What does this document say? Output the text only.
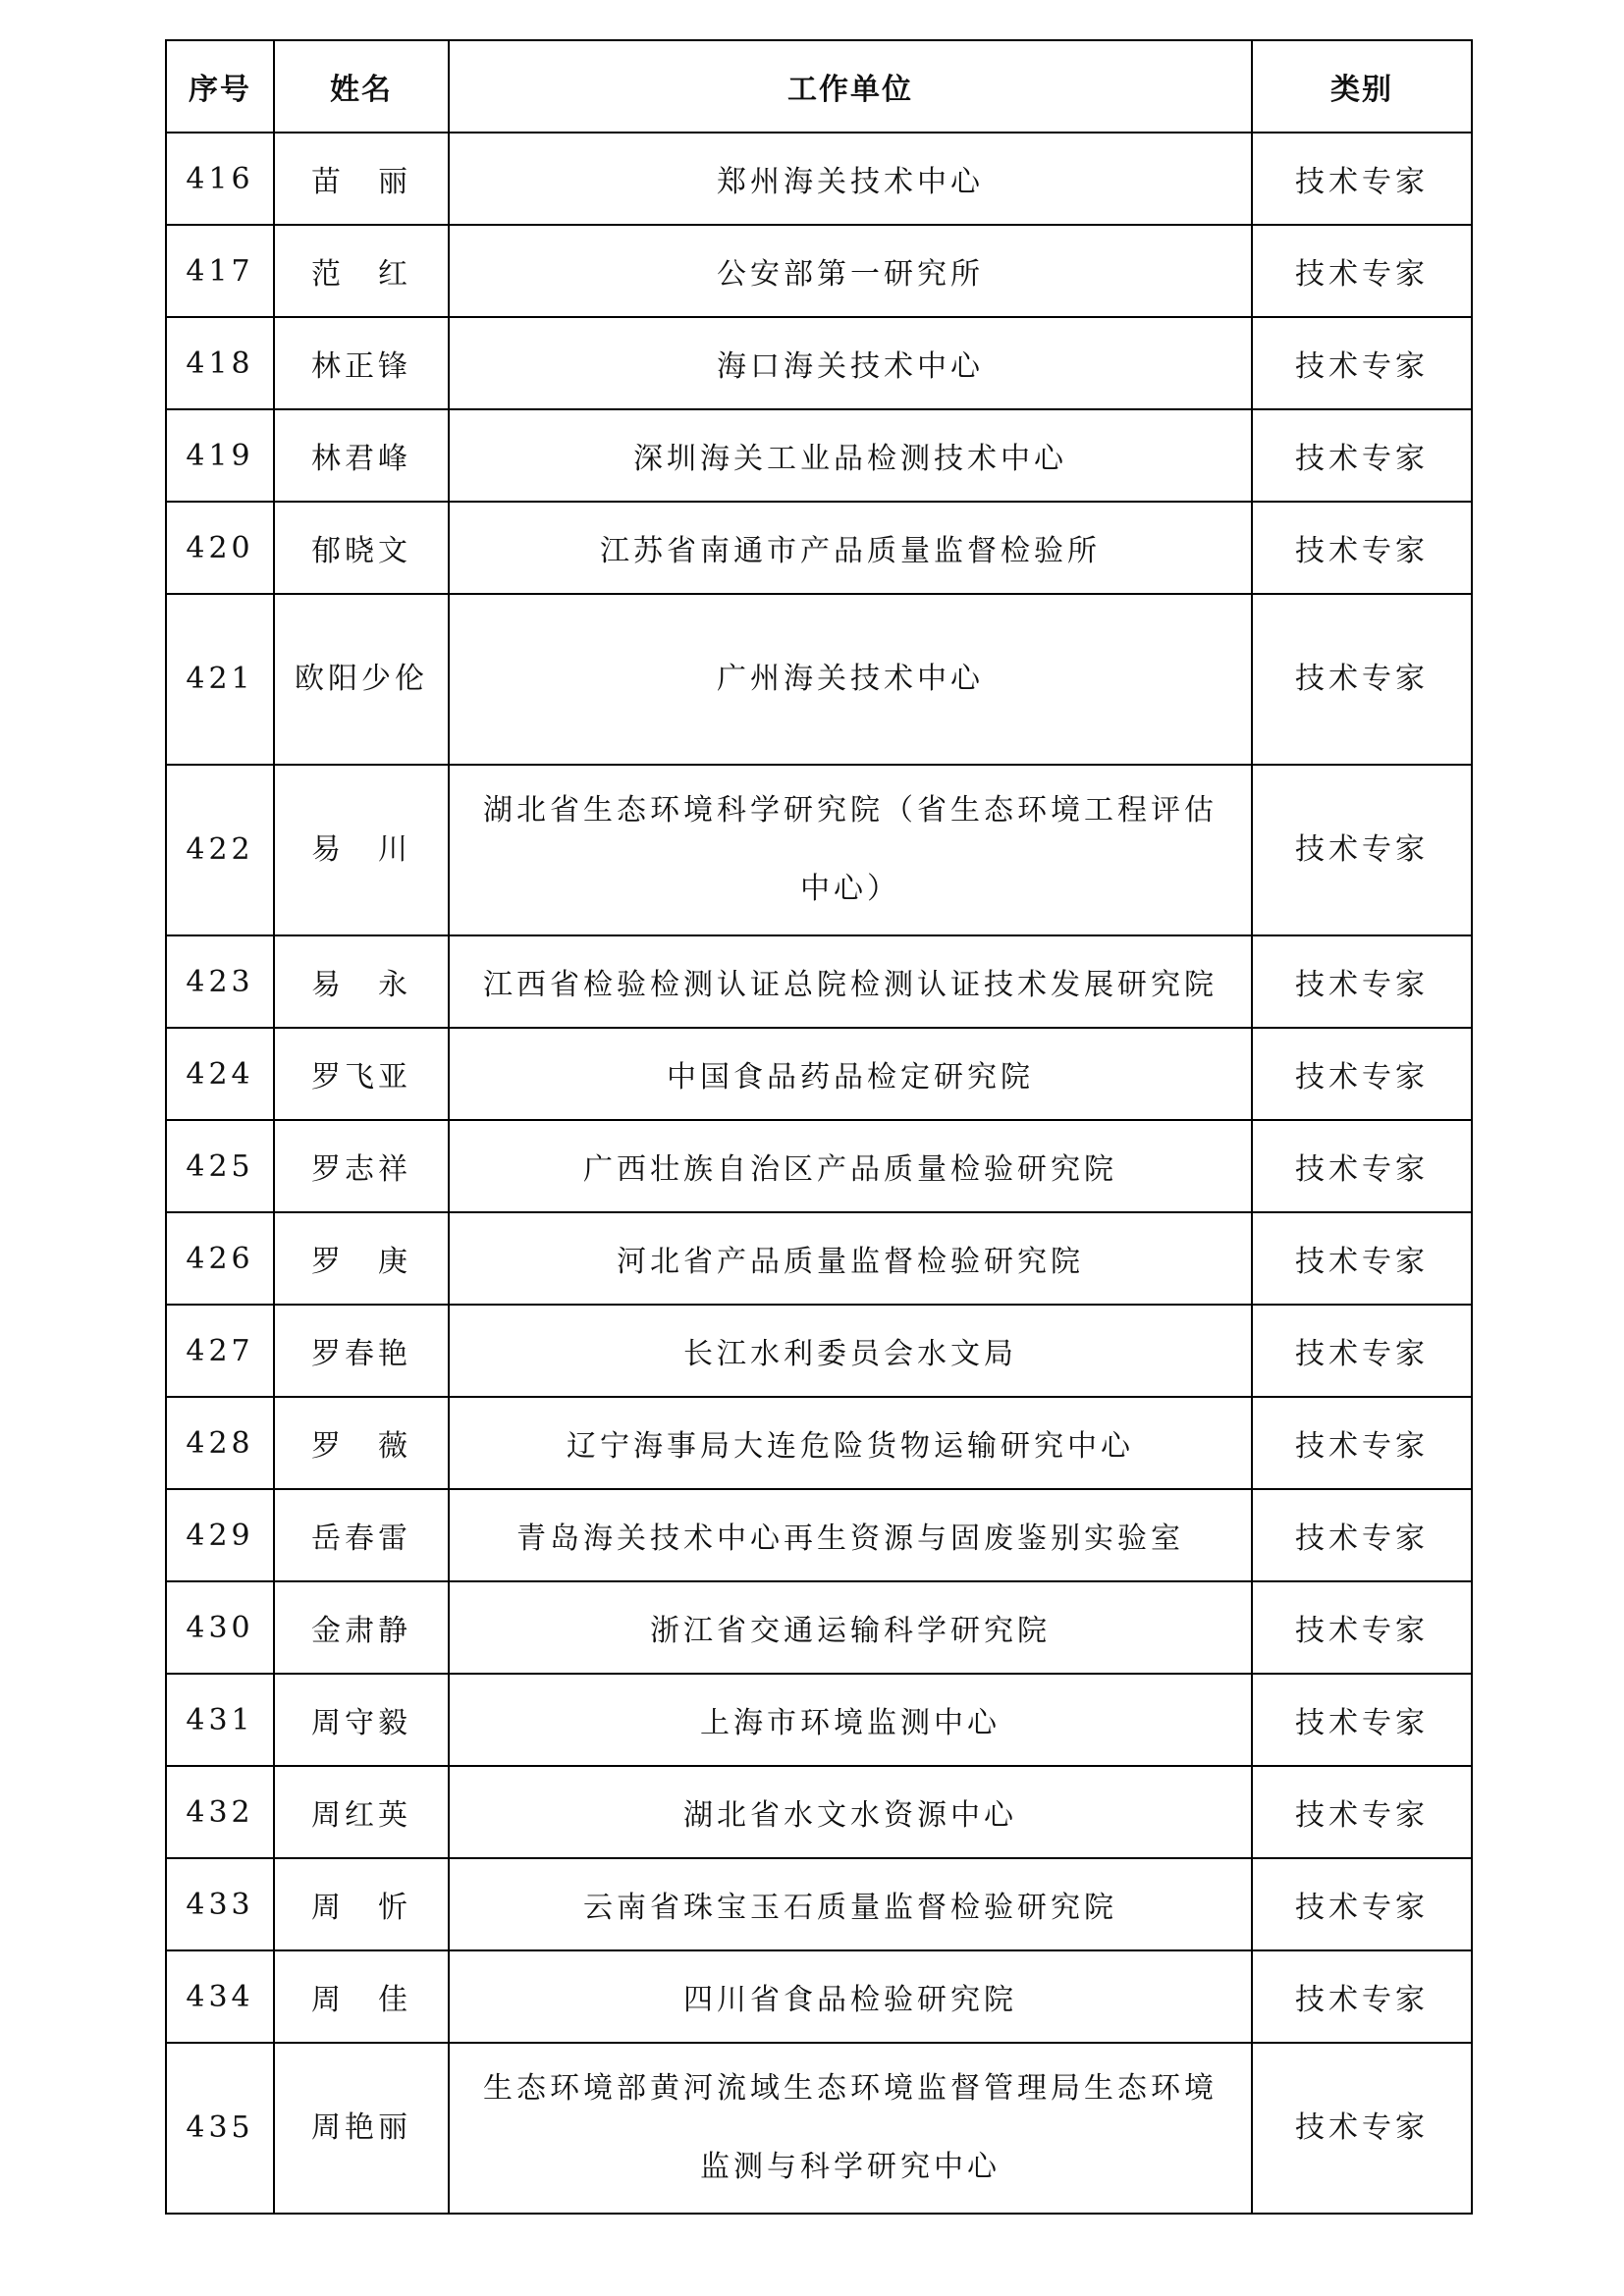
序号	姓名	工作单位	类别
416	苗　丽	郑州海关技术中心	技术专家
417	范　红	公安部第一研究所	技术专家
418	林正锋	海口海关技术中心	技术专家
419	林君峰	深圳海关工业品检测技术中心	技术专家
420	郁晓文	江苏省南通市产品质量监督检验所	技术专家
421	欧阳少伦	广州海关技术中心	技术专家
422	易　川	湖北省生态环境科学研究院（省生态环境工程评估中心）	技术专家
423	易　永	江西省检验检测认证总院检测认证技术发展研究院	技术专家
424	罗飞亚	中国食品药品检定研究院	技术专家
425	罗志祥	广西壮族自治区产品质量检验研究院	技术专家
426	罗　庚	河北省产品质量监督检验研究院	技术专家
427	罗春艳	长江水利委员会水文局	技术专家
428	罗　薇	辽宁海事局大连危险货物运输研究中心	技术专家
429	岳春雷	青岛海关技术中心再生资源与固废鉴别实验室	技术专家
430	金肃静	浙江省交通运输科学研究院	技术专家
431	周守毅	上海市环境监测中心	技术专家
432	周红英	湖北省水文水资源中心	技术专家
433	周　忻	云南省珠宝玉石质量监督检验研究院	技术专家
434	周　佳	四川省食品检验研究院	技术专家
435	周艳丽	生态环境部黄河流域生态环境监督管理局生态环境监测与科学研究中心	技术专家
